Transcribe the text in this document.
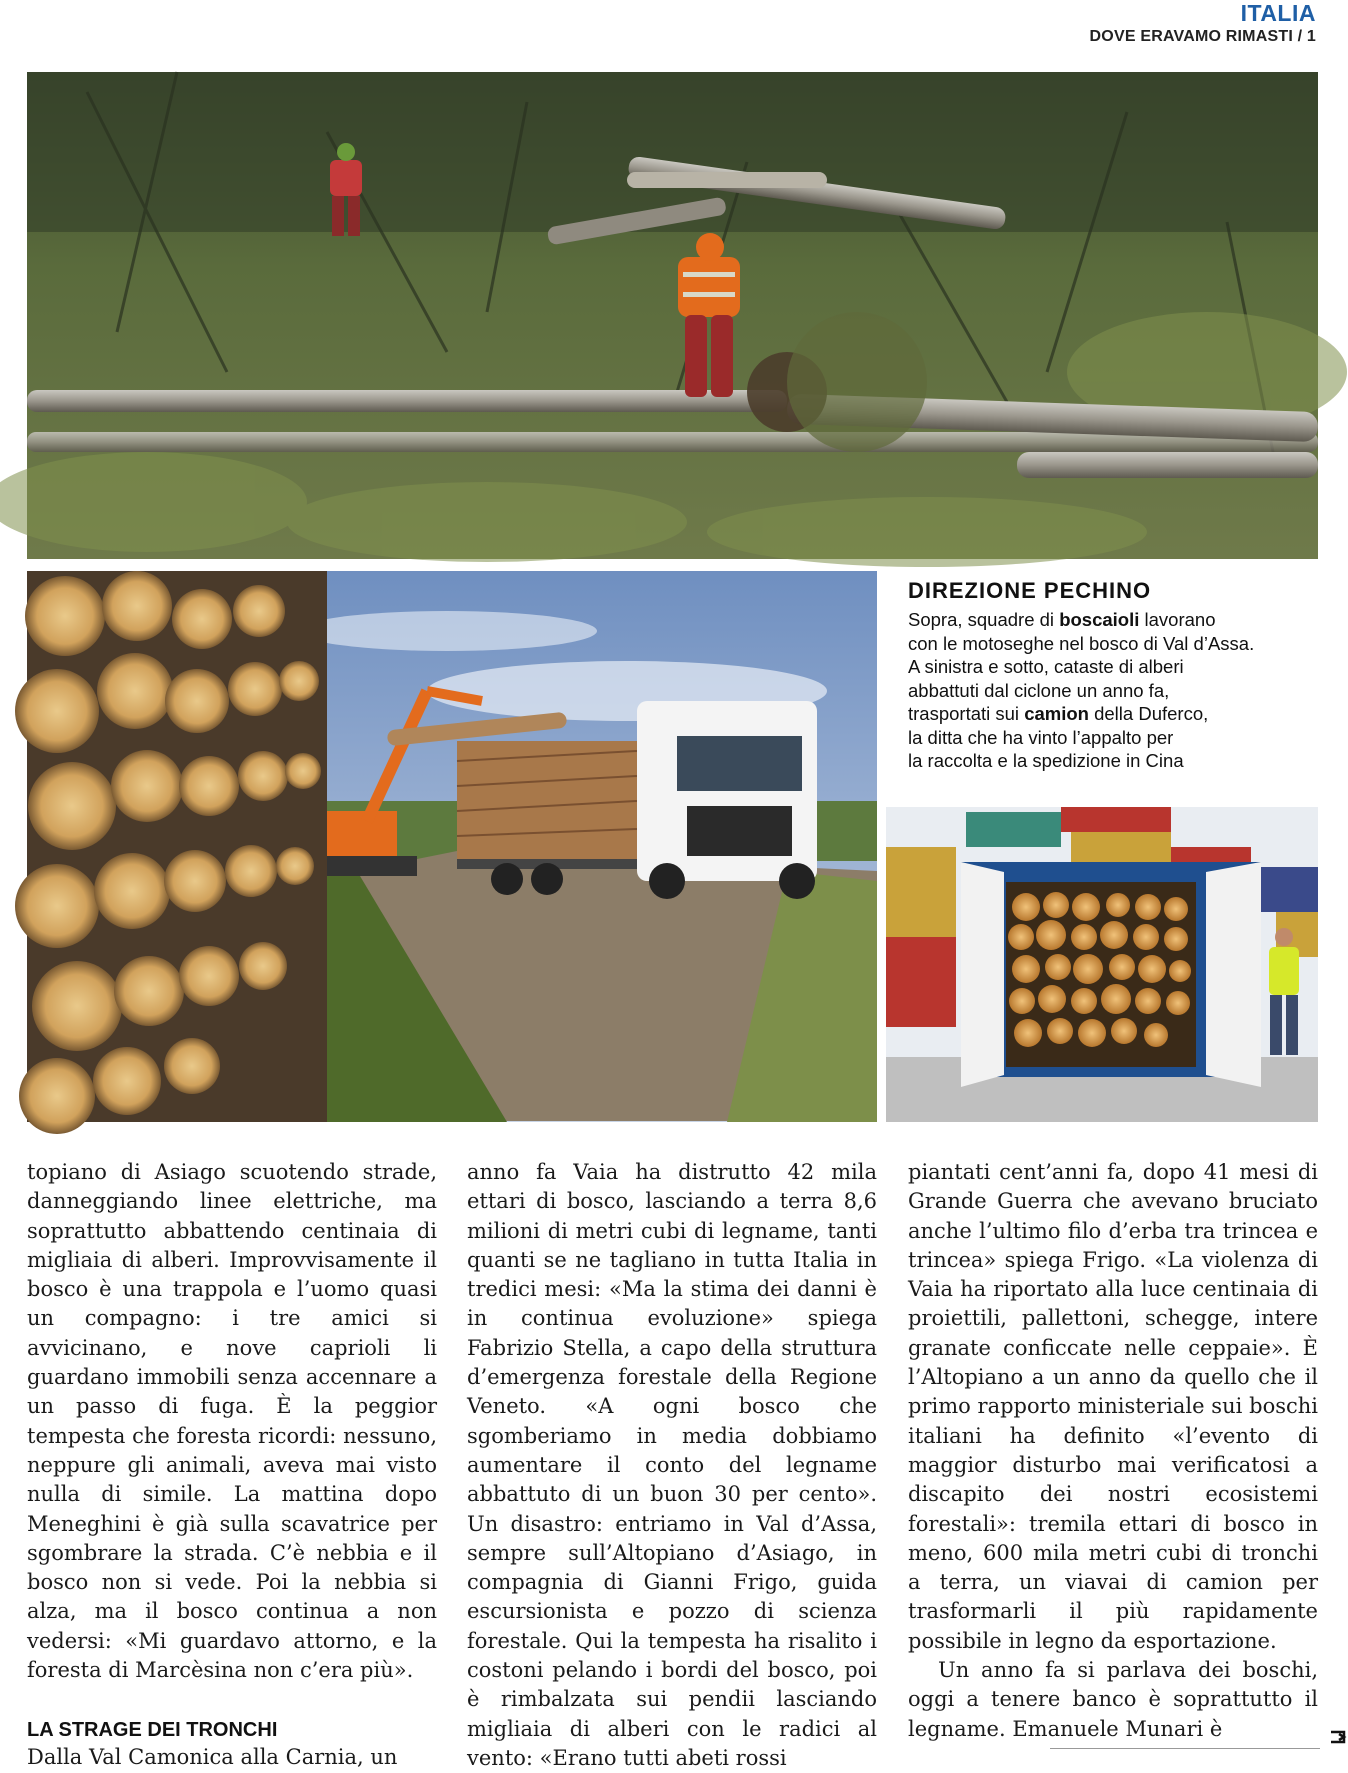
ITALIA
DOVE ERAVAMO RIMASTI / 1
DIREZIONE PECHINO

Sopra, squadre di boscaioli lavorano
con le motoseghe nel bosco di Val d’Assa.
A sinistra e sotto, cataste di alberi
abbattuti dal ciclone un anno fa,
trasportati sui camion della Duferco,
la ditta che ha vinto l’appalto per
la raccolta e la spedizione in Cina

topiano di Asiago scuotendo strade, danneggiando linee elettriche, ma soprattutto abbattendo centinaia di migliaia di alberi. Improvvisamente il bosco è una trappola e l’uomo quasi un compagno: i tre amici si avvicinano, e nove caprioli li guardano immobili senza accennare a un passo di fuga. È la peggior tempesta che foresta ricordi: nessuno, neppure gli animali, aveva mai visto nulla di simile. La mattina dopo Meneghini è già sulla scavatrice per sgombrare la strada. C’è nebbia e il bosco non si vede. Poi la nebbia si alza, ma il bosco continua a non vedersi: «Mi guardavo attorno, e la foresta di Marcèsina non c’era più».

LA STRAGE DEI TRONCHI

Dalla Val Camonica alla Carnia, un

anno fa Vaia ha distrutto 42 mila ettari di bosco, lasciando a terra 8,6 milioni di metri cubi di legname, tanti quanti se ne tagliano in tutta Italia in tredici mesi: «Ma la stima dei danni è in continua evoluzione» spiega Fabrizio Stella, a capo della struttura d’emergenza forestale della Regione Veneto. «A ogni bosco che sgomberiamo in media dobbiamo aumentare il conto del legname abbattuto di un buon 30 per cento». Un disastro: entriamo in Val d’Assa, sempre sull’Altopiano d’Asiago, in compagnia di Gianni Frigo, guida escursionista e pozzo di scienza forestale. Qui la tempesta ha risalito i costoni pelando i bordi del bosco, poi è rimbalzata sui pendii lasciando migliaia di alberi con le radici al vento: «Erano tutti abeti rossi

piantati cent’anni fa, dopo 41 mesi di Grande Guerra che avevano bruciato anche l’ultimo filo d’erba tra trincea e trincea» spiega Frigo. «La violenza di Vaia ha riportato alla luce centinaia di proiettili, pallettoni, schegge, intere granate conficcate nelle ceppaie». È l’Altopiano a un anno da quello che il primo rapporto ministeriale sui boschi italiani ha definito «l’evento di maggior disturbo mai verificatosi a discapito dei nostri ecosistemi forestali»: tremila ettari di bosco in meno, 600 mila metri cubi di tronchi a terra, un viavai di camion per trasformarli il più rapidamente possibile in legno da esportazione.

Un anno fa si parlava dei boschi, oggi a tenere banco è soprattutto il legname. Emanuele Munari è
